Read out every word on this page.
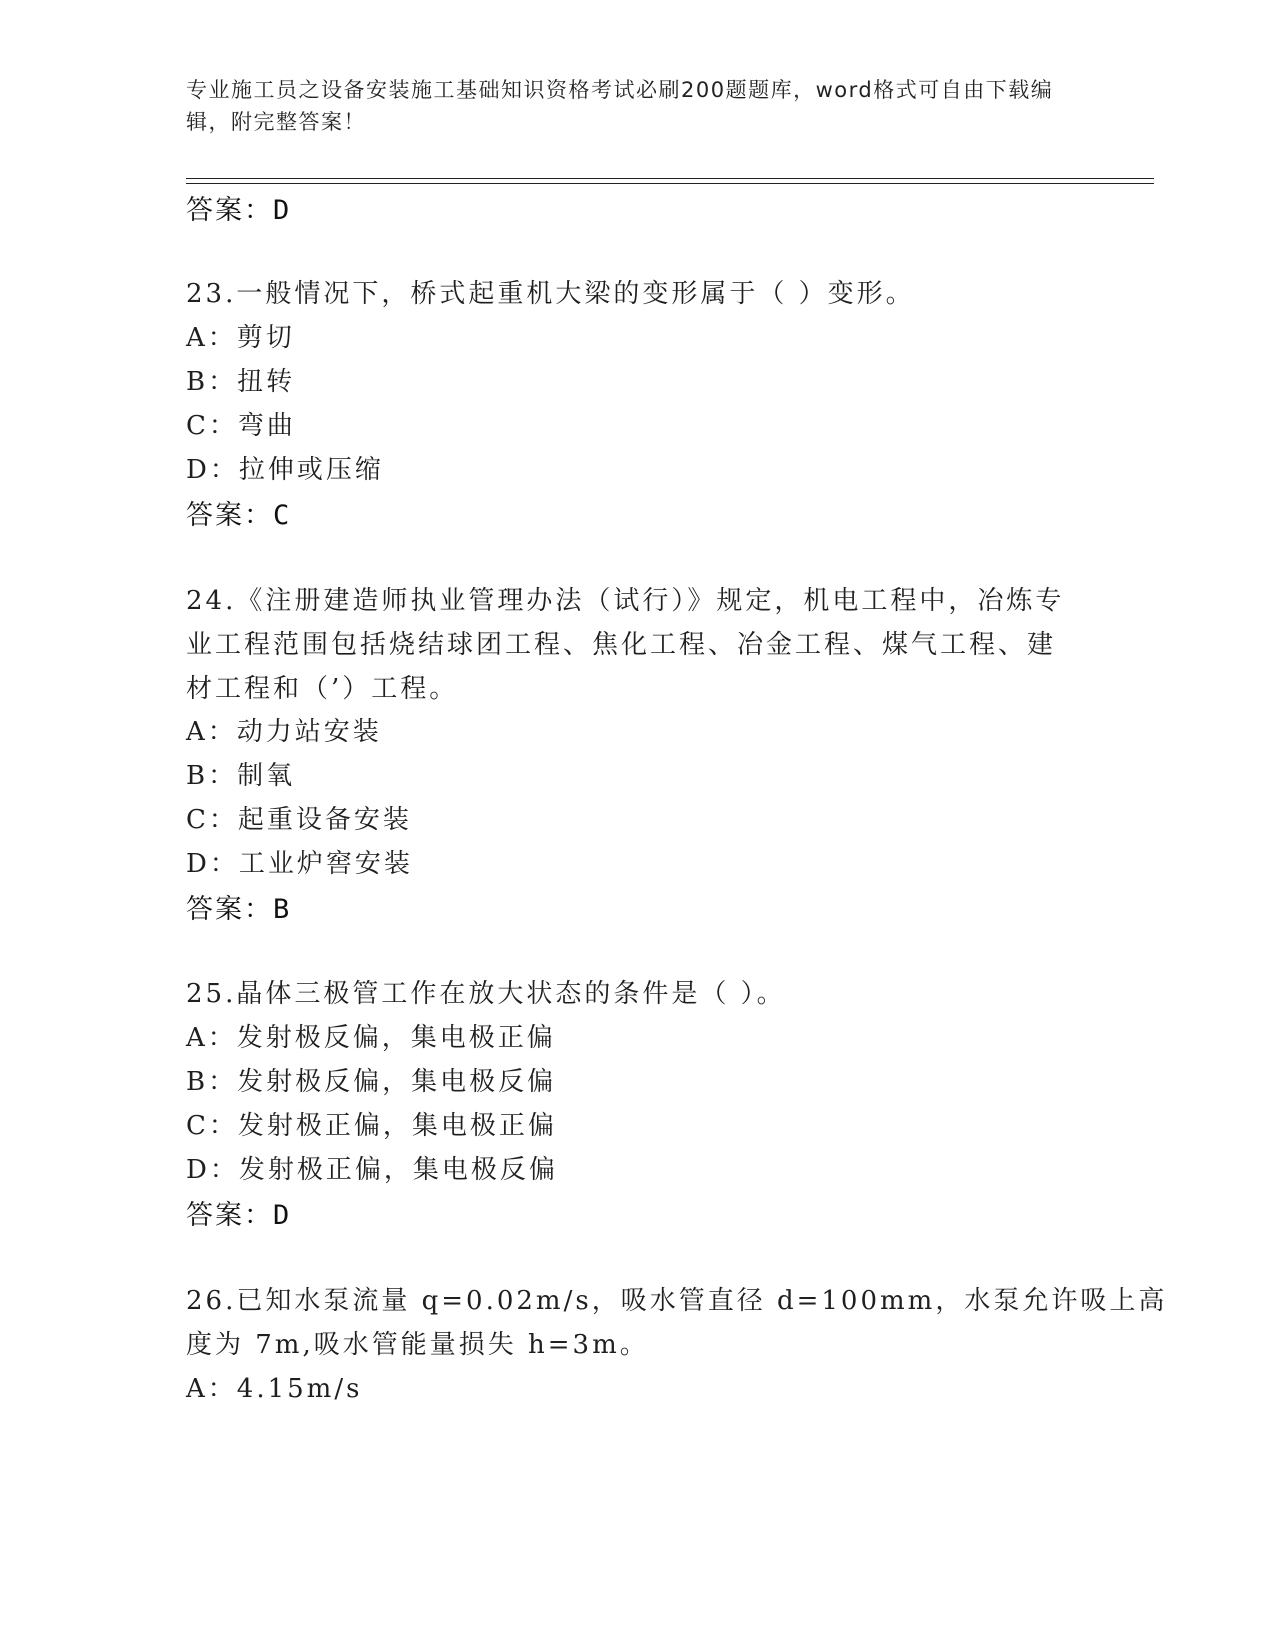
专业施工员之设备安装施工基础知识资格考试必刷200题题库，word格式可自由下载编辑，附完整答案！
答案：D
23.一般情况下，桥式起重机大梁的变形属于（ ）变形。
A：剪切
B：扭转
C：弯曲
D：拉伸或压缩
答案：C
24.《注册建造师执业管理办法（试行）》规定，机电工程中，冶炼专
业工程范围包括烧结球团工程、焦化工程、冶金工程、煤气工程、建
材工程和（’）工程。
A：动力站安装
B：制氧
C：起重设备安装
D：工业炉窖安装
答案：B
25.晶体三极管工作在放大状态的条件是（ ）。
A：发射极反偏，集电极正偏
B：发射极反偏，集电极反偏
C：发射极正偏，集电极正偏
D：发射极正偏，集电极反偏
答案：D
26.已知水泵流量 q=0.02m/s，吸水管直径 d=100mm，水泵允许吸上高
度为 7m,吸水管能量损失 h=3m。
A：4.15m/s
